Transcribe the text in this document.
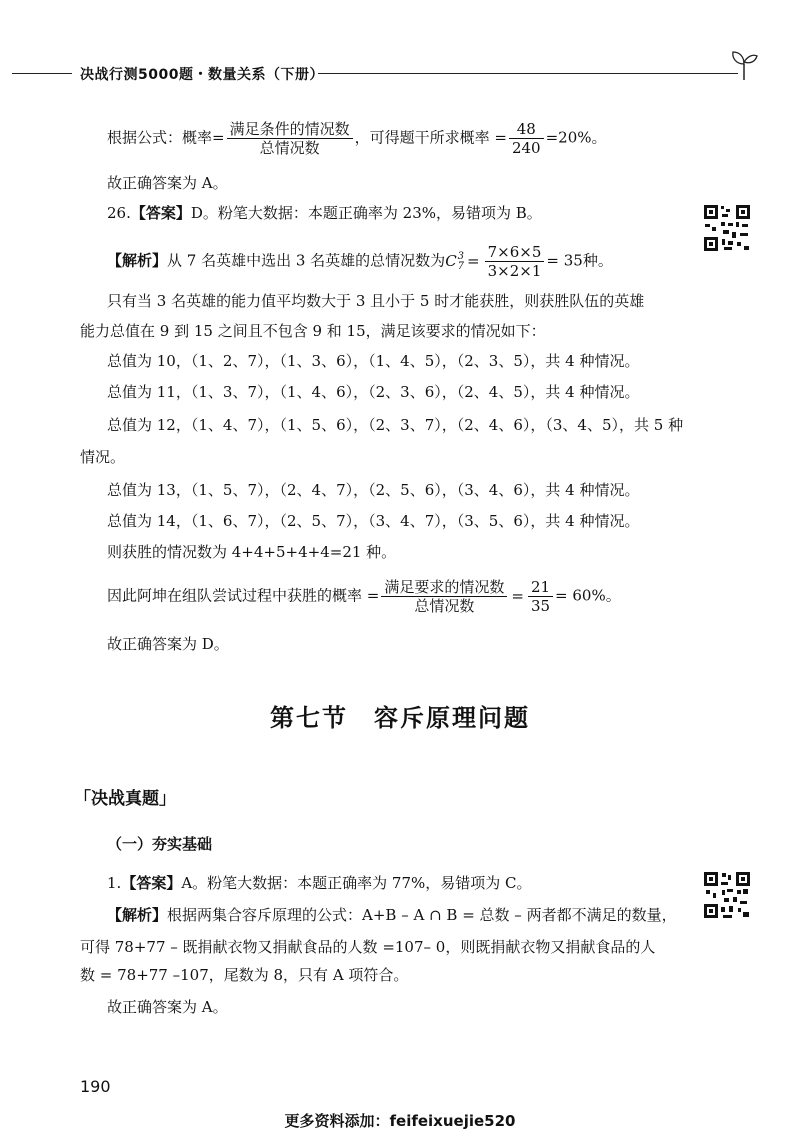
决战行测5000题・数量关系（下册）
根据公式：概率= $\frac{\text{满足条件的情况数}}{\text{总情况数}}$ ，可得题干所求概率 = $\frac{48}{240} =20\%$。
故正确答案为 A。
26.【答案】D。粉笔大数据：本题正确率为 23%，易错项为 B。
【解析】从 7 名英雄中选出 3 名英雄的总情况数为C 3
$7 = \frac{7\times 6\times 5}{3\times 2\times 1} = 35$种。
只有当 3 名英雄的能力值平均数大于 3 且小于 5 时才能获胜，则获胜队伍的英雄
能力总值在 9 到 15 之间且不包含 9 和 15，满足该要求的情况如下：
总值为 10，（1、2、7），（1、3、6），（1、4、5），（2、3、5），共 4 种情况。
总值为 11，（1、3、7），（1、4、6），（2、3、6），（2、4、5），共 4 种情况。
总值为 12，（1、4、7），（1、5、6），（2、3、7），（2、4、6），（3、4、5），共 5 种
情况。
总值为 13，（1、5、7），（2、4、7），（2、5、6），（3、4、6），共 4 种情况。
总值为 14，（1、6、7），（2、5、7），（3、4、7），（3、5、6），共 4 种情况。
则获胜的情况数为 4+4+5+4+4=21 种。
因此阿坤在组队尝试过程中获胜的概率 = $\frac{\text{满足要求的情况数}}{\text{总情况数}} = \frac{21}{35} = 60\%$。
故正确答案为 D。
第七节　容斥原理问题
「决战真题」
（一）夯实基础
1.【答案】A。粉笔大数据：本题正确率为 77%，易错项为 C。
【解析】根据两集合容斥原理的公式：A+B – A ∩ B = 总数 – 两者都不满足的数量，
可得 78+77 – 既捐献衣物又捐献食品的人数 =107– 0，则既捐献衣物又捐献食品的人
数 = 78+77 –107，尾数为 8，只有 A 项符合。
故正确答案为 A。
190
更多资料添加：feifeixuejie520
